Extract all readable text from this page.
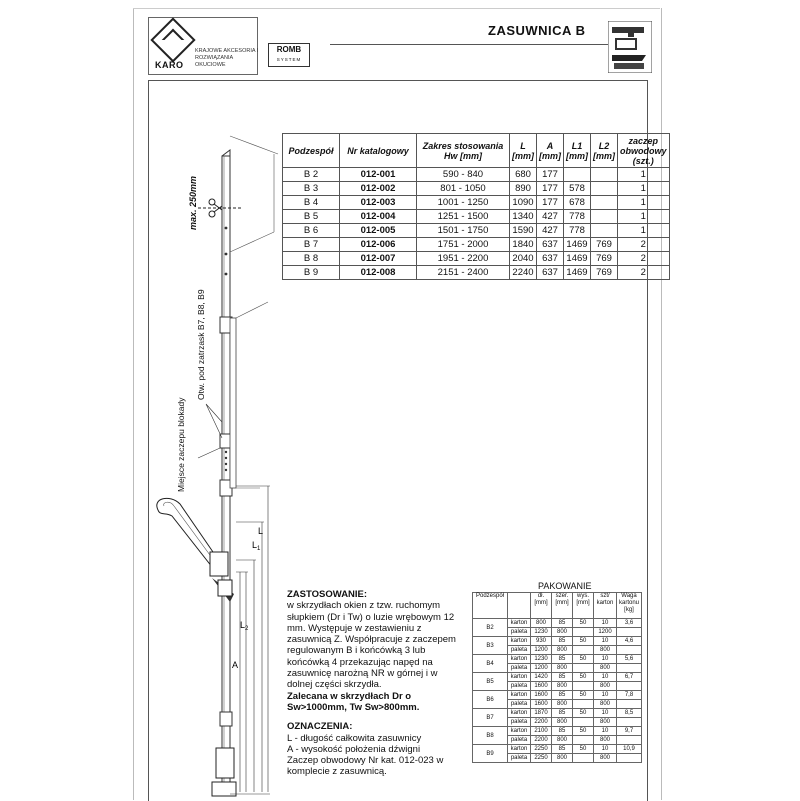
KARO
KRAJOWE AKCESORIA I ROZWIĄZANIA OKUCIOWE
ROMB
SYSTEM
ZASUWNICA B
L
$L_1$
$L_2$
A
max. 250mm
Otw. pod zatrzask B7, B8, B9
Miejsce zaczepu blokady
Podzespół	Nr katalogowy	Zakres stosowania Hw [mm]	L [mm]	A [mm]	L1 [mm]	L2 [mm]	zaczep obwodowy (szt.)
B 2	012-001	590 - 840	680	177			1
B 3	012-002	801 - 1050	890	177	578		1
B 4	012-003	1001 - 1250	1090	177	678		1
B 5	012-004	1251 - 1500	1340	427	778		1
B 6	012-005	1501 - 1750	1590	427	778		1
B 7	012-006	1751 - 2000	1840	637	1469	769	2
B 8	012-007	1951 - 2200	2040	637	1469	769	2
B 9	012-008	2151 - 2400	2240	637	1469	769	2

ZASTOSOWANIE:

w skrzydłach okien z tzw. ruchomym słupkiem (Dr i Tw) o luzie wrębowym 12 mm. Występuje w zestawieniu z zasuwnicą Z. Współpracuje z zaczepem regulowanym B i końcówką 3 lub końcówką 4 przekazując napęd na zasuwnicę narożną NR w górnej i w dolnej części skrzydła.

Zalecana w skrzydłach Dr o Sw>1000mm, Tw Sw>800mm.

OZNACZENIA:

L - długość całkowita zasuwnicy

A - wysokość położenia dźwigni

Zaczep obwodowy Nr kat. 012-023 w komplecie z zasuwnicą.

PAKOWANIE
Podzespół		dł. [mm]	szer. [mm]	wys. [mm]	szt/ karton	Waga kartonu [kg]
B2	karton	800	85	50	10	3,6
	paleta	1230	800		1200	
B3	karton	930	85	50	10	4,6
	paleta	1200	800		800	
B4	karton	1230	85	50	10	5,6
	paleta	1200	800		800	
B5	karton	1420	85	50	10	6,7
	paleta	1600	800		800	
B6	karton	1600	85	50	10	7,8
	paleta	1600	800		800	
B7	karton	1870	85	50	10	8,5
	paleta	2200	800		800	
B8	karton	2100	85	50	10	9,7
	paleta	2200	800		800	
B9	karton	2250	85	50	10	10,9
	paleta	2250	800		800	
